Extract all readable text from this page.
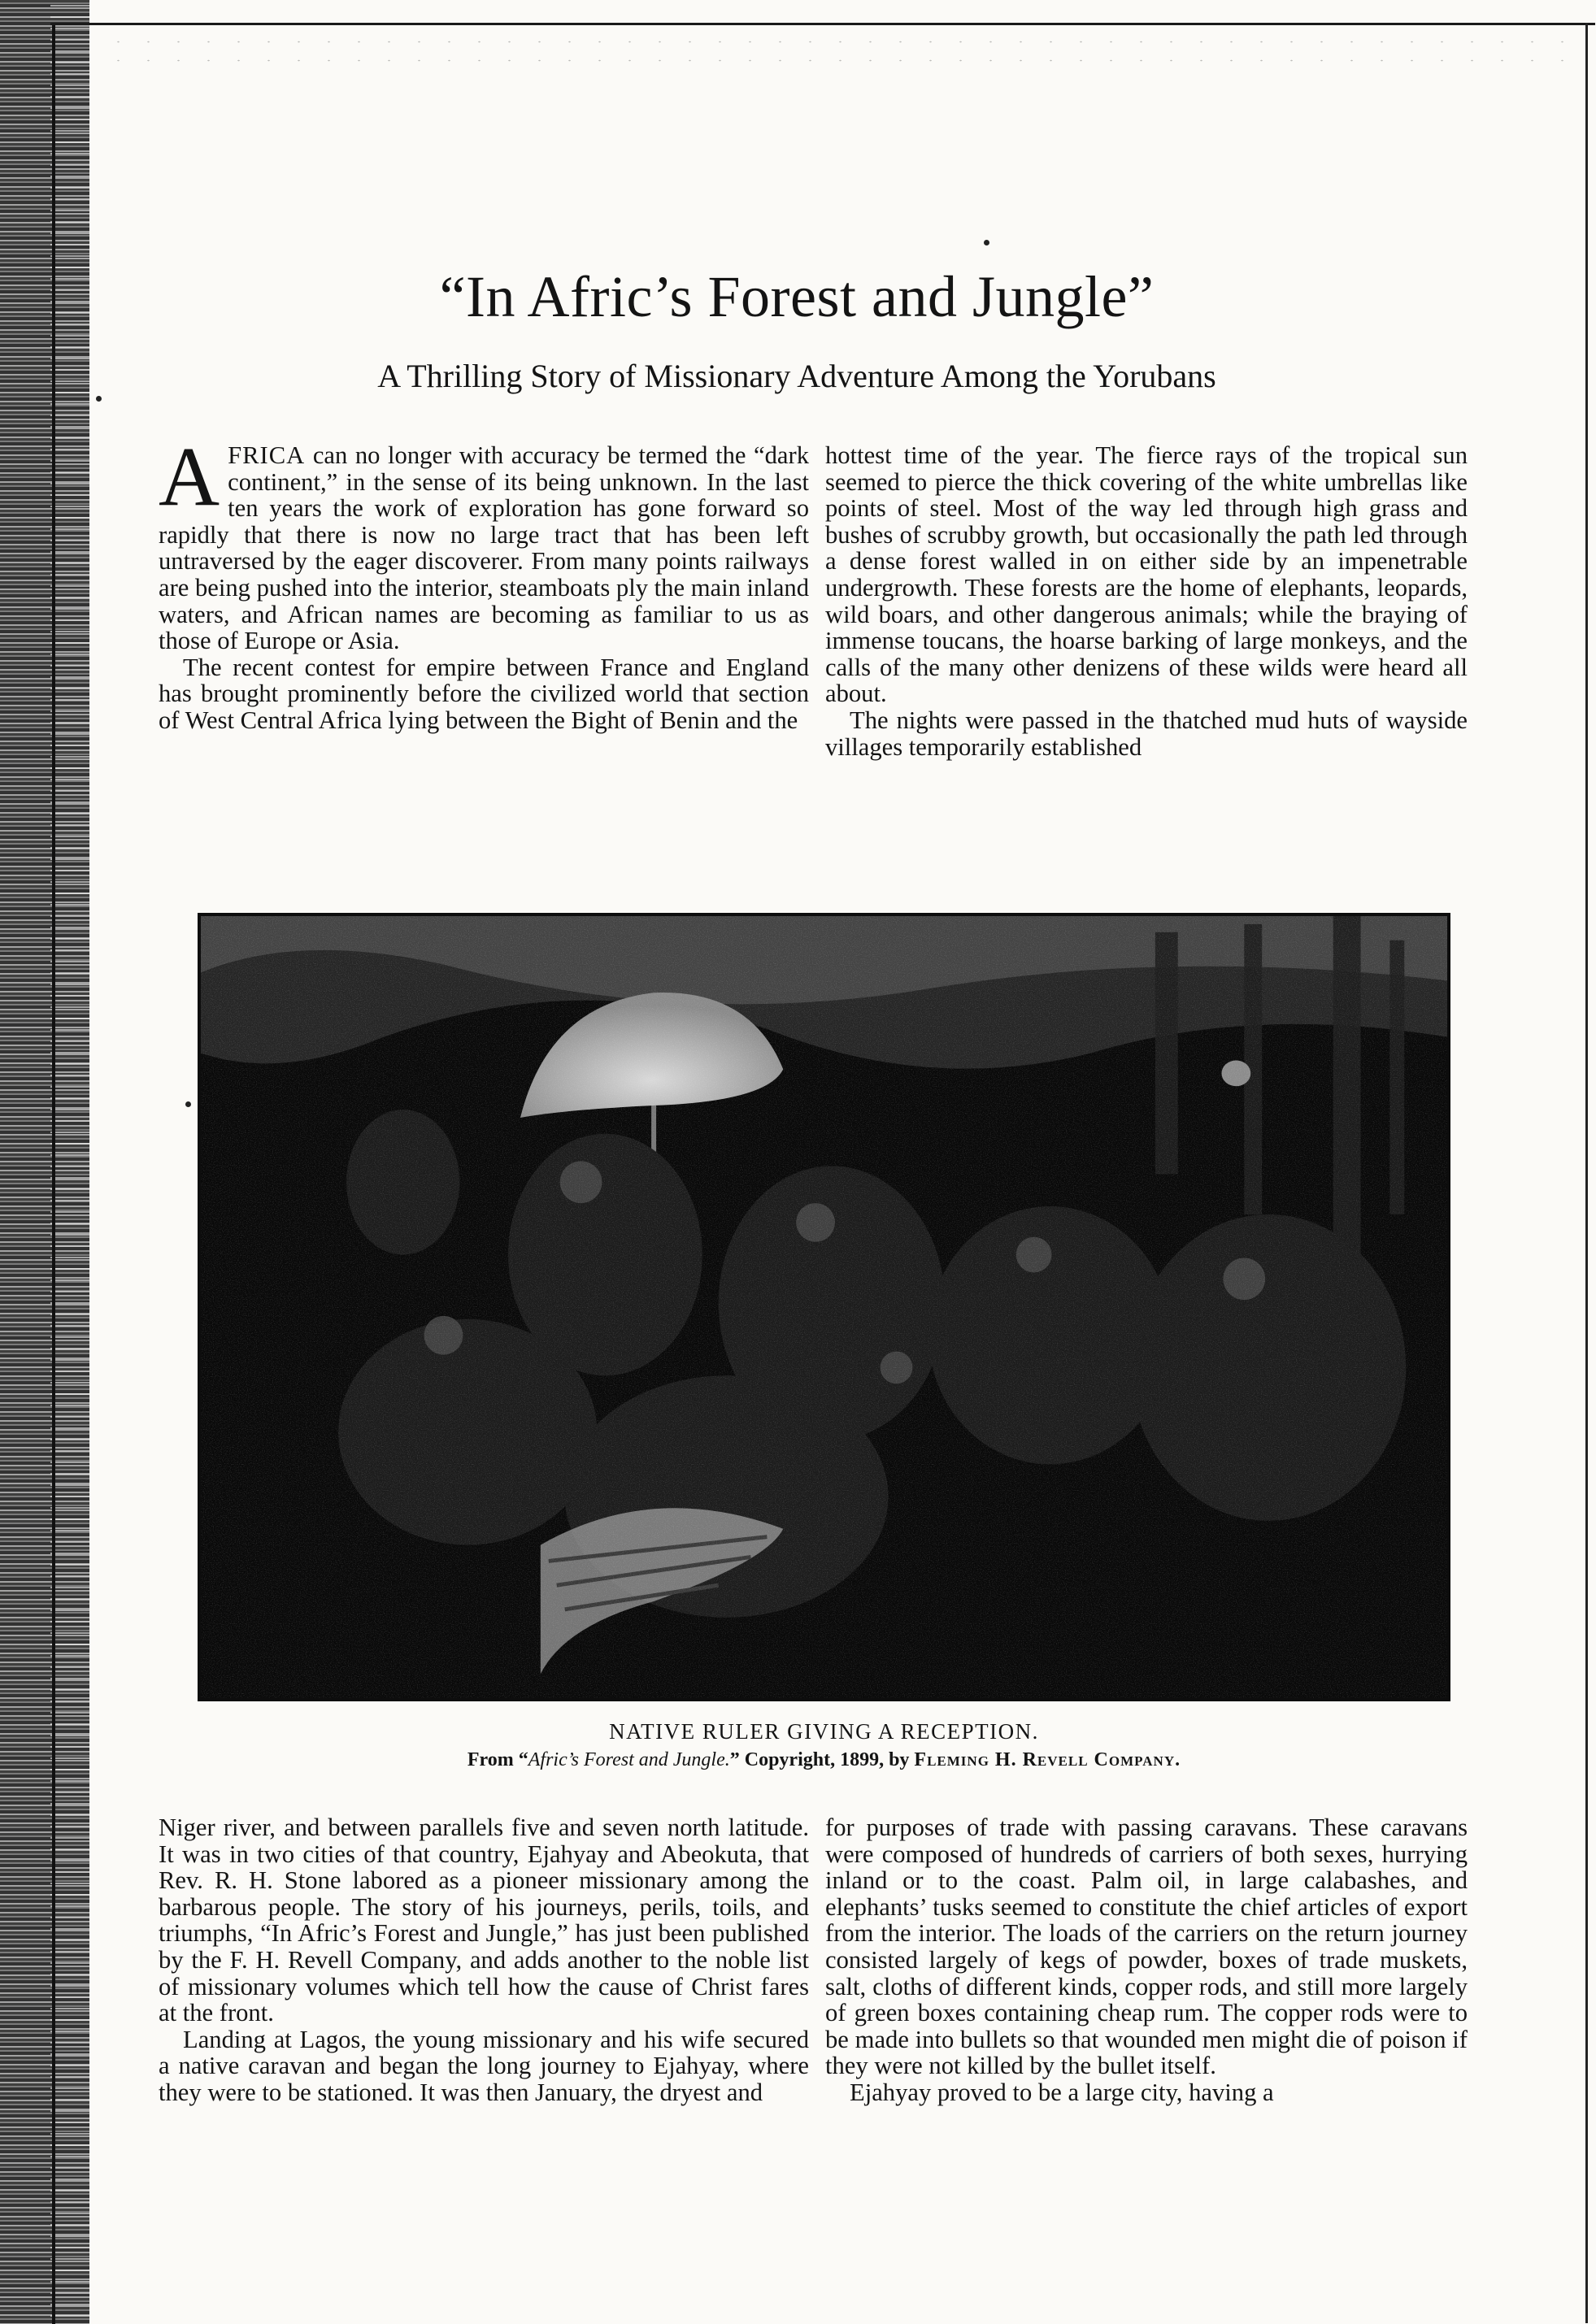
“In Afric’s Forest and Jungle”
A Thrilling Story of Missionary Adventure Among the Yorubans

AFRICA can no longer with accuracy be termed the “dark continent,” in the sense of its being unknown. In the last ten years the work of exploration has gone forward so rapidly that there is now no large tract that has been left untraversed by the eager discoverer. From many points railways are being pushed into the interior, steamboats ply the main inland waters, and African names are becoming as familiar to us as those of Europe or Asia.

The recent contest for empire between France and England has brought prominently before the civilized world that section of West Central Africa lying between the Bight of Benin and the

hottest time of the year. The fierce rays of the tropical sun seemed to pierce the thick covering of the white umbrellas like points of steel. Most of the way led through high grass and bushes of scrubby growth, but occasionally the path led through a dense forest walled in on either side by an impenetrable undergrowth. These forests are the home of elephants, leopards, wild boars, and other dangerous animals; while the braying of immense toucans, the hoarse barking of large monkeys, and the calls of the many other denizens of these wilds were heard all about.

The nights were passed in the thatched mud huts of wayside villages temporarily established

NATIVE RULER GIVING A RECEPTION.

From “Afric’s Forest and Jungle.” Copyright, 1899, by Fleming H. Revell Company.

Niger river, and between parallels five and seven north latitude. It was in two cities of that country, Ejahyay and Abeokuta, that Rev. R. H. Stone labored as a pioneer missionary among the barbarous people. The story of his journeys, perils, toils, and triumphs, “In Afric’s Forest and Jungle,” has just been published by the F. H. Revell Company, and adds another to the noble list of missionary volumes which tell how the cause of Christ fares at the front.

Landing at Lagos, the young missionary and his wife secured a native caravan and began the long journey to Ejahyay, where they were to be stationed. It was then January, the dryest and

for purposes of trade with passing caravans. These caravans were composed of hundreds of carriers of both sexes, hurrying inland or to the coast. Palm oil, in large calabashes, and elephants’ tusks seemed to constitute the chief articles of export from the interior. The loads of the carriers on the return journey consisted largely of kegs of powder, boxes of trade muskets, salt, cloths of different kinds, copper rods, and still more largely of green boxes containing cheap rum. The copper rods were to be made into bullets so that wounded men might die of poison if they were not killed by the bullet itself.

Ejahyay proved to be a large city, having a
